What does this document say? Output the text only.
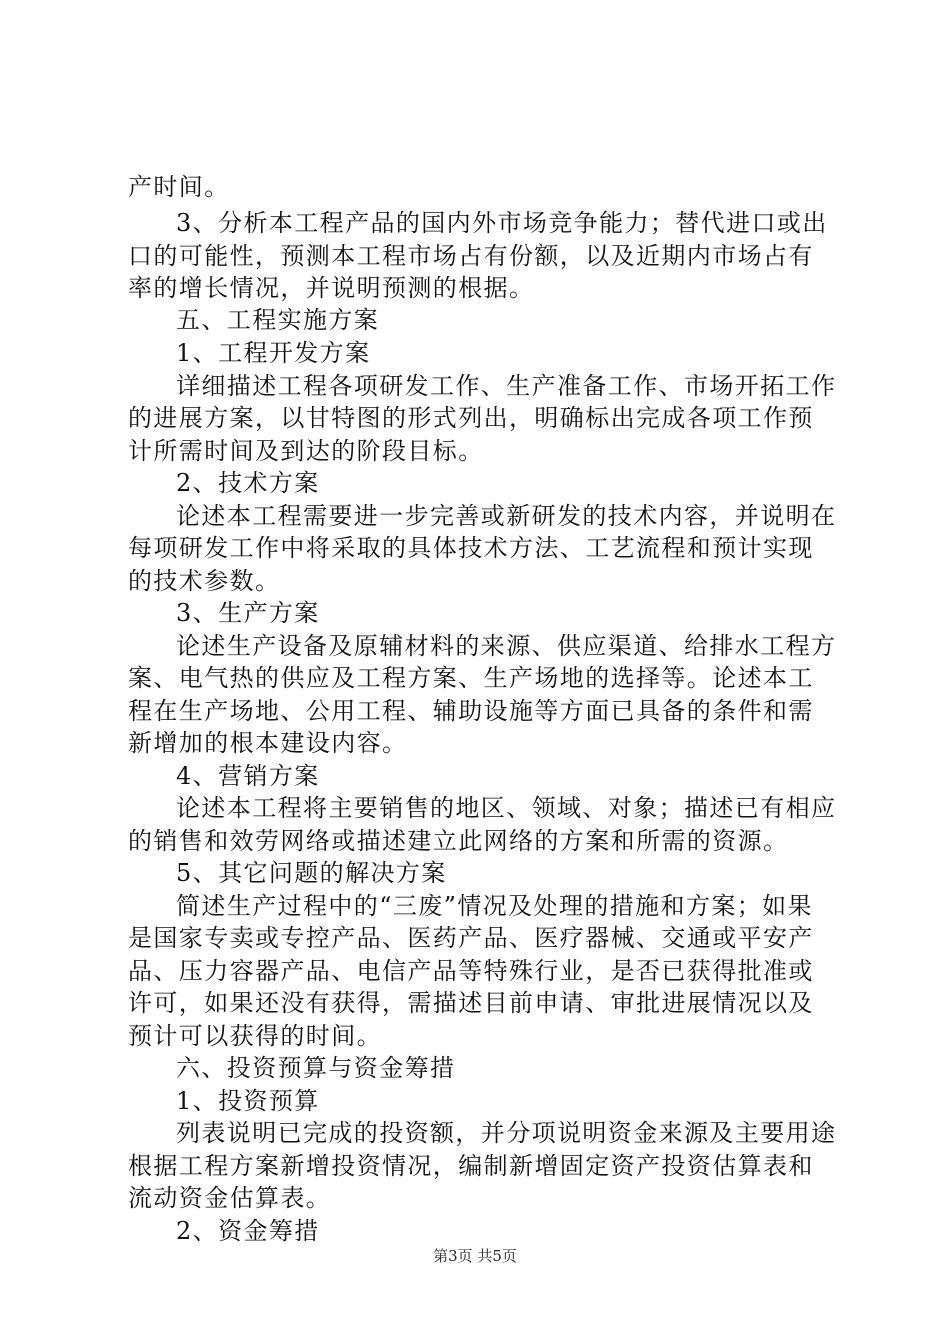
产时间。
3、分析本工程产品的国内外市场竞争能力；替代进口或出
口的可能性，预测本工程市场占有份额，以及近期内市场占有
率的增长情况，并说明预测的根据。
五、工程实施方案
1、工程开发方案
详细描述工程各项研发工作、生产准备工作、市场开拓工作
的进展方案，以甘特图的形式列出，明确标出完成各项工作预
计所需时间及到达的阶段目标。
2、技术方案
论述本工程需要进一步完善或新研发的技术内容，并说明在
每项研发工作中将采取的具体技术方法、工艺流程和预计实现
的技术参数。
3、生产方案
论述生产设备及原辅材料的来源、供应渠道、给排水工程方
案、电气热的供应及工程方案、生产场地的选择等。论述本工
程在生产场地、公用工程、辅助设施等方面已具备的条件和需
新增加的根本建设内容。
4、营销方案
论述本工程将主要销售的地区、领域、对象；描述已有相应
的销售和效劳网络或描述建立此网络的方案和所需的资源。
5、其它问题的解决方案
简述生产过程中的“三废”情况及处理的措施和方案；如果
是国家专卖或专控产品、医药产品、医疗器械、交通或平安产
品、压力容器产品、电信产品等特殊行业，是否已获得批准或
许可，如果还没有获得，需描述目前申请、审批进展情况以及
预计可以获得的时间。
六、投资预算与资金筹措
1、投资预算
列表说明已完成的投资额，并分项说明资金来源及主要用途
根据工程方案新增投资情况，编制新增固定资产投资估算表和
流动资金估算表。
2、资金筹措
第3页 共5页
